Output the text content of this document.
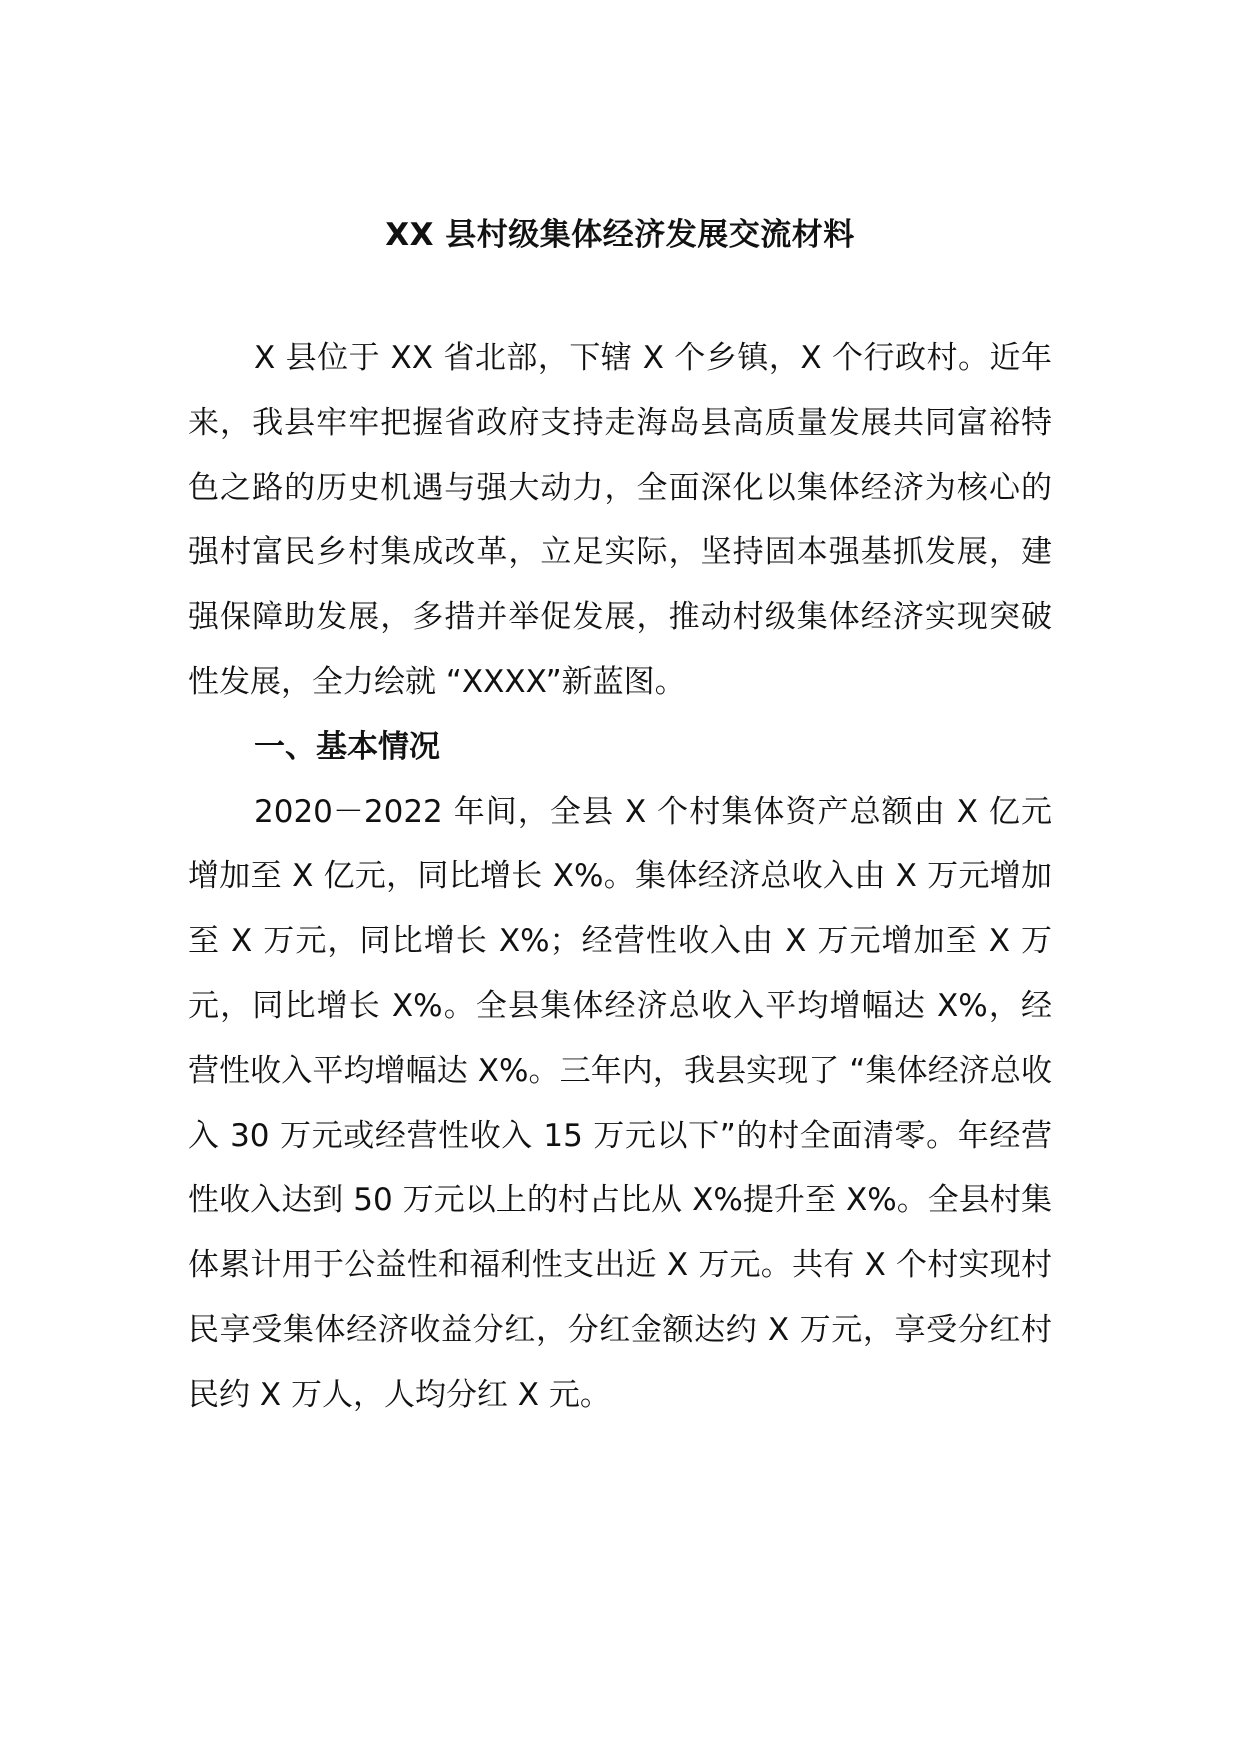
XX 县村级集体经济发展交流材料

X 县位于 XX 省北部，下辖 X 个乡镇，X 个行政村。近年来，我县牢牢把握省政府支持走海岛县高质量发展共同富裕特色之路的历史机遇与强大动力，全面深化以集体经济为核心的强村富民乡村集成改革，立足实际，坚持固本强基抓发展，建强保障助发展，多措并举促发展，推动村级集体经济实现突破性发展，全力绘就 “XXXX”新蓝图。

一、基本情况

2020－2022 年间，全县 X 个村集体资产总额由 X 亿元增加至 X 亿元，同比增长 X%。集体经济总收入由 X 万元增加至 X 万元，同比增长 X%；经营性收入由 X 万元增加至 X 万元，同比增长 X%。全县集体经济总收入平均增幅达 X%，经营性收入平均增幅达 X%。三年内，我县实现了 “集体经济总收入 30 万元或经营性收入 15 万元以下”的村全面清零。年经营性收入达到 50 万元以上的村占比从 X%提升至 X%。全县村集体累计用于公益性和福利性支出近 X 万元。共有 X 个村实现村民享受集体经济收益分红，分红金额达约 X 万元，享受分红村民约 X 万人，人均分红 X 元。
